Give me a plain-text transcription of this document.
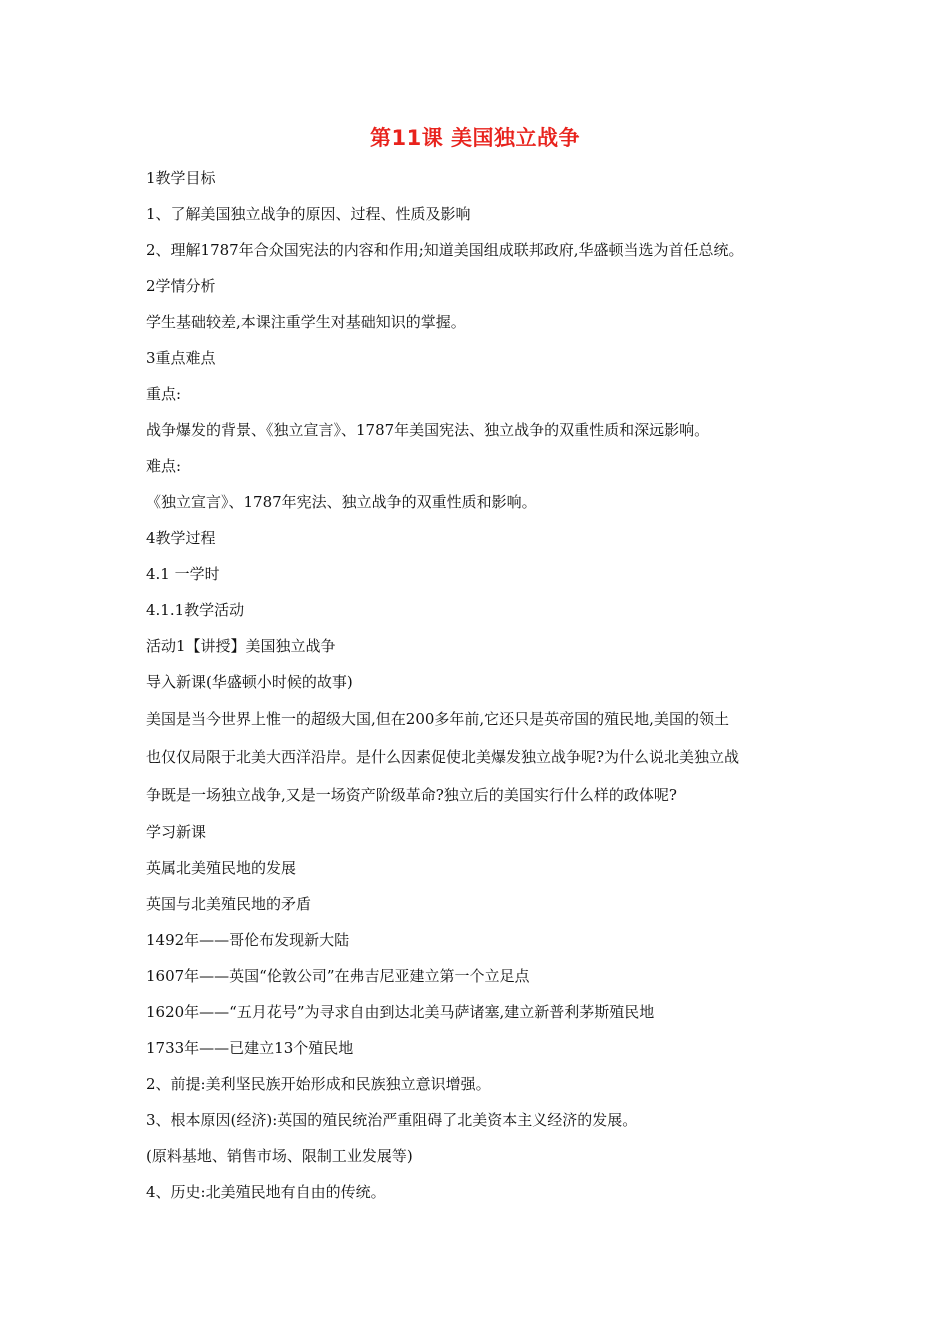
第11课 美国独立战争
1教学目标
1、了解美国独立战争的原因、过程、性质及影响
2、理解1787年合众国宪法的内容和作用;知道美国组成联邦政府,华盛顿当选为首任总统。
2学情分析
学生基础较差,本课注重学生对基础知识的掌握。
3重点难点
重点:
战争爆发的背景、《独立宣言》、1787年美国宪法、独立战争的双重性质和深远影响。
难点:
《独立宣言》、1787年宪法、独立战争的双重性质和影响。
4教学过程
4.1 一学时
4.1.1教学活动
活动1【讲授】美国独立战争
导入新课(华盛顿小时候的故事)
美国是当今世界上惟一的超级大国,但在200多年前,它还只是英帝国的殖民地,美国的领土
也仅仅局限于北美大西洋沿岸。是什么因素促使北美爆发独立战争呢?为什么说北美独立战
争既是一场独立战争,又是一场资产阶级革命?独立后的美国实行什么样的政体呢?
学习新课
英属北美殖民地的发展
英国与北美殖民地的矛盾
1492年——哥伦布发现新大陆
1607年——英国“伦敦公司”在弗吉尼亚建立第一个立足点
1620年——“五月花号”为寻求自由到达北美马萨诸塞,建立新普利茅斯殖民地
1733年——已建立13个殖民地
2、前提:美利坚民族开始形成和民族独立意识增强。
3、根本原因(经济):英国的殖民统治严重阻碍了北美资本主义经济的发展。
(原料基地、销售市场、限制工业发展等)
4、历史:北美殖民地有自由的传统。
